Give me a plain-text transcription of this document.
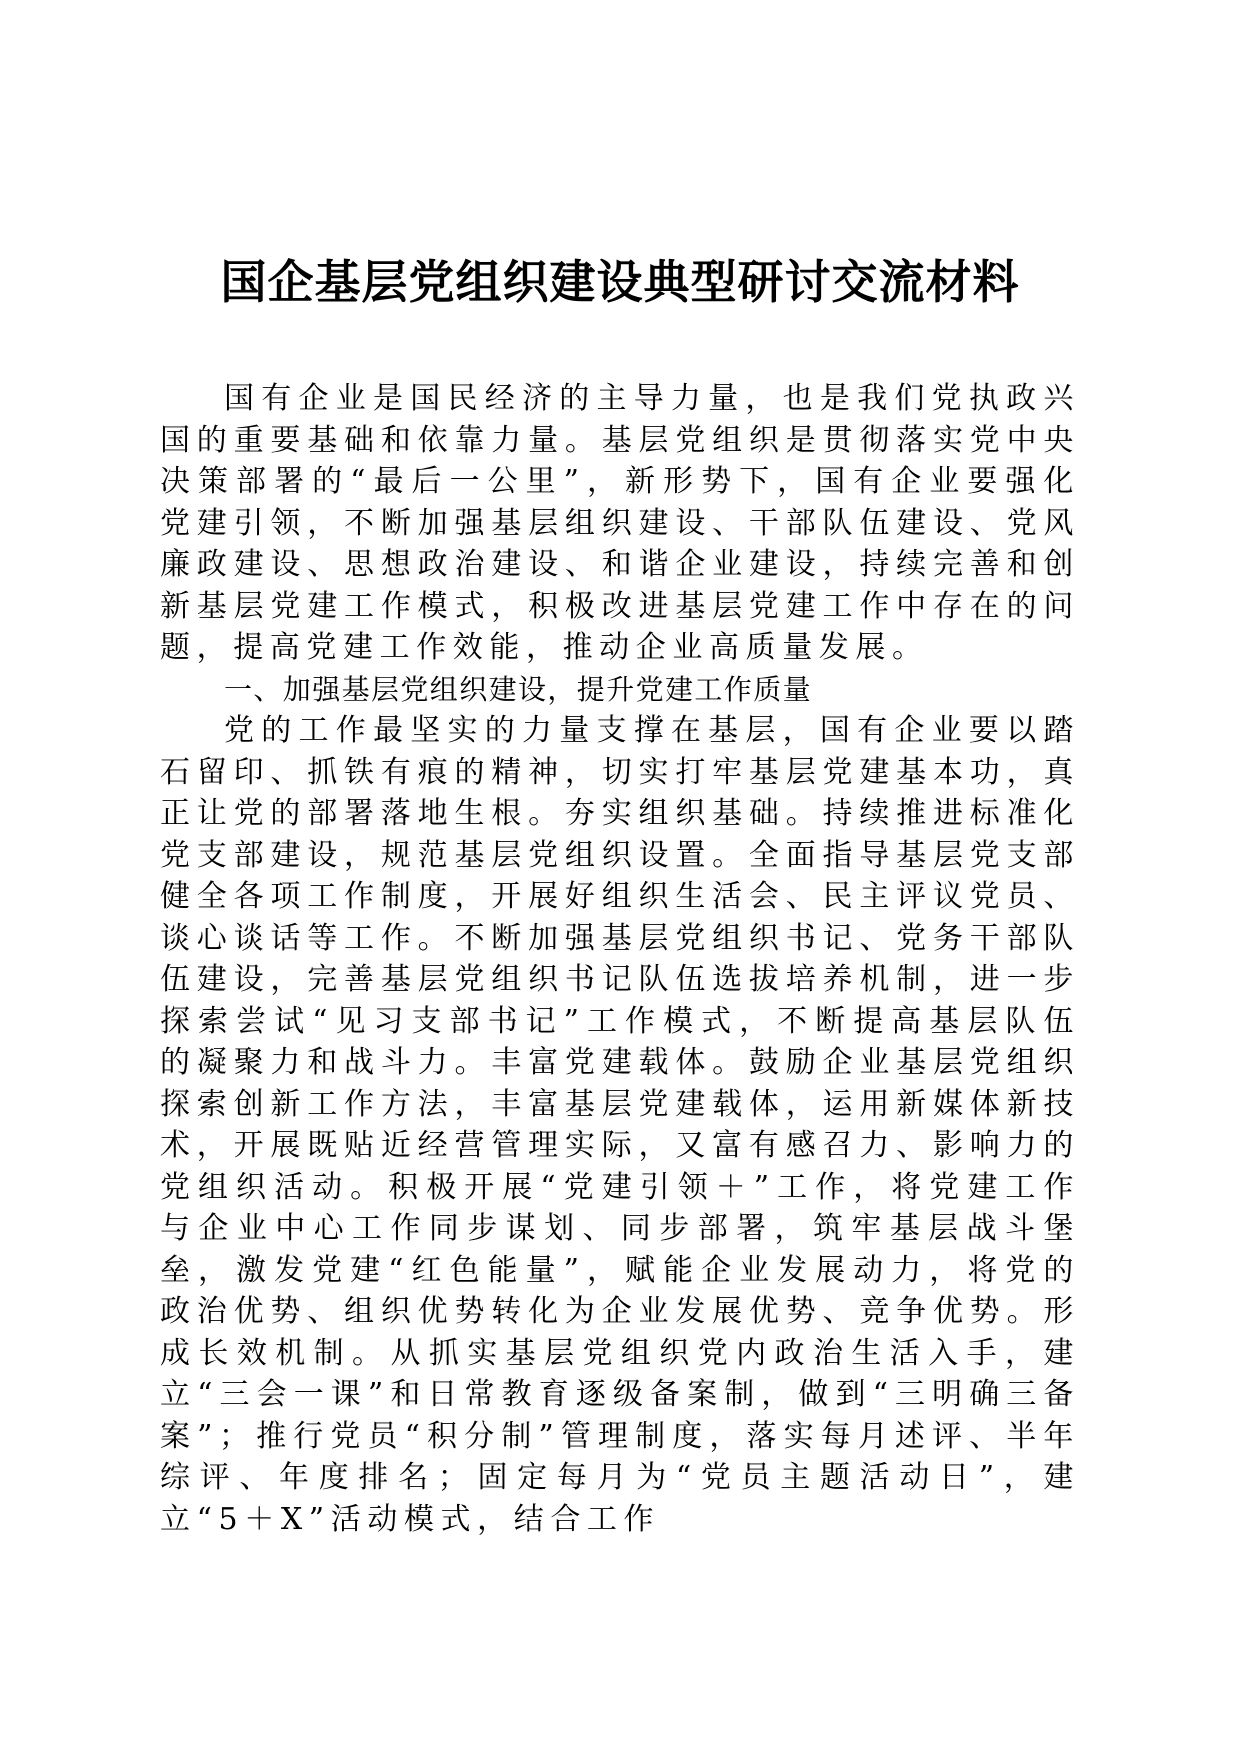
国企基层党组织建设典型研讨交流材料

国有企业是国民经济的主导力量，也是我们党执政兴国的重要基础和依靠力量。基层党组织是贯彻落实党中央决策部署的“最后一公里”，新形势下，国有企业要强化党建引领，不断加强基层组织建设、干部队伍建设、党风廉政建设、思想政治建设、和谐企业建设，持续完善和创新基层党建工作模式，积极改进基层党建工作中存在的问题，提高党建工作效能，推动企业高质量发展。

一、加强基层党组织建设，提升党建工作质量

党的工作最坚实的力量支撑在基层，国有企业要以踏石留印、抓铁有痕的精神，切实打牢基层党建基本功，真正让党的部署落地生根。夯实组织基础。持续推进标准化党支部建设，规范基层党组织设置。全面指导基层党支部健全各项工作制度，开展好组织生活会、民主评议党员、谈心谈话等工作。不断加强基层党组织书记、党务干部队伍建设，完善基层党组织书记队伍选拔培养机制，进一步探索尝试“见习支部书记”工作模式，不断提高基层队伍的凝聚力和战斗力。丰富党建载体。鼓励企业基层党组织探索创新工作方法，丰富基层党建载体，运用新媒体新技术，开展既贴近经营管理实际，又富有感召力、影响力的党组织活动。积极开展“党建引领＋”工作，将党建工作与企业中心工作同步谋划、同步部署，筑牢基层战斗堡垒，激发党建“红色能量”，赋能企业发展动力，将党的政治优势、组织优势转化为企业发展优势、竞争优势。形成长效机制。从抓实基层党组织党内政治生活入手，建立“三会一课”和日常教育逐级备案制，做到“三明确三备案”；推行党员“积分制”管理制度，落实每月述评、半年综评、年度排名；固定每月为“党员主题活动日”，建立“5＋X”活动模式，结合工作
